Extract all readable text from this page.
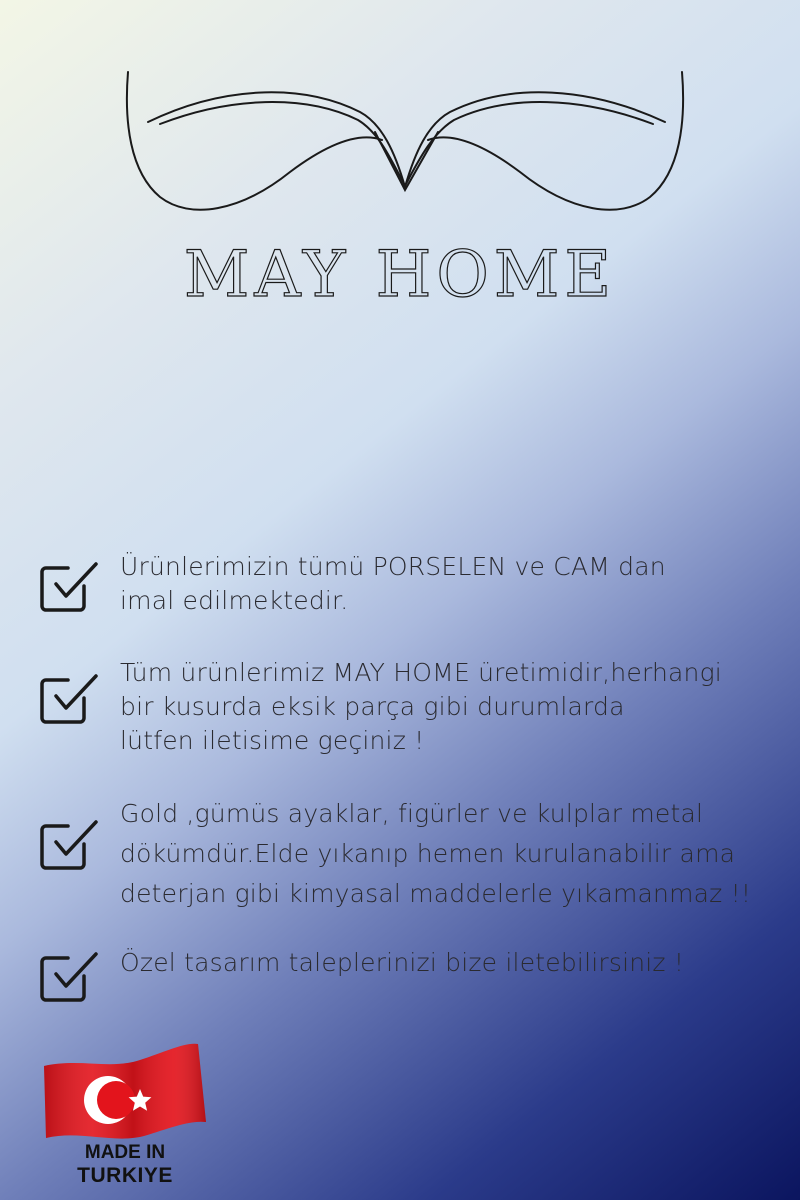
MAY HOME
Ürünlerimizin tümü PORSELEN ve CAM dan
imal edilmektedir.
Tüm ürünlerimiz MAY HOME üretimidir,herhangi
bir kusurda eksik parça gibi durumlarda
lütfen iletisime geçiniz !
Gold ,gümüs ayaklar, figürler ve kulplar metal
dökümdür.Elde yıkanıp hemen kurulanabilir ama
deterjan gibi kimyasal maddelerle yıkamanmaz !!
Özel tasarım taleplerinizi bize iletebilirsiniz !
MADE IN
TURKIYE
